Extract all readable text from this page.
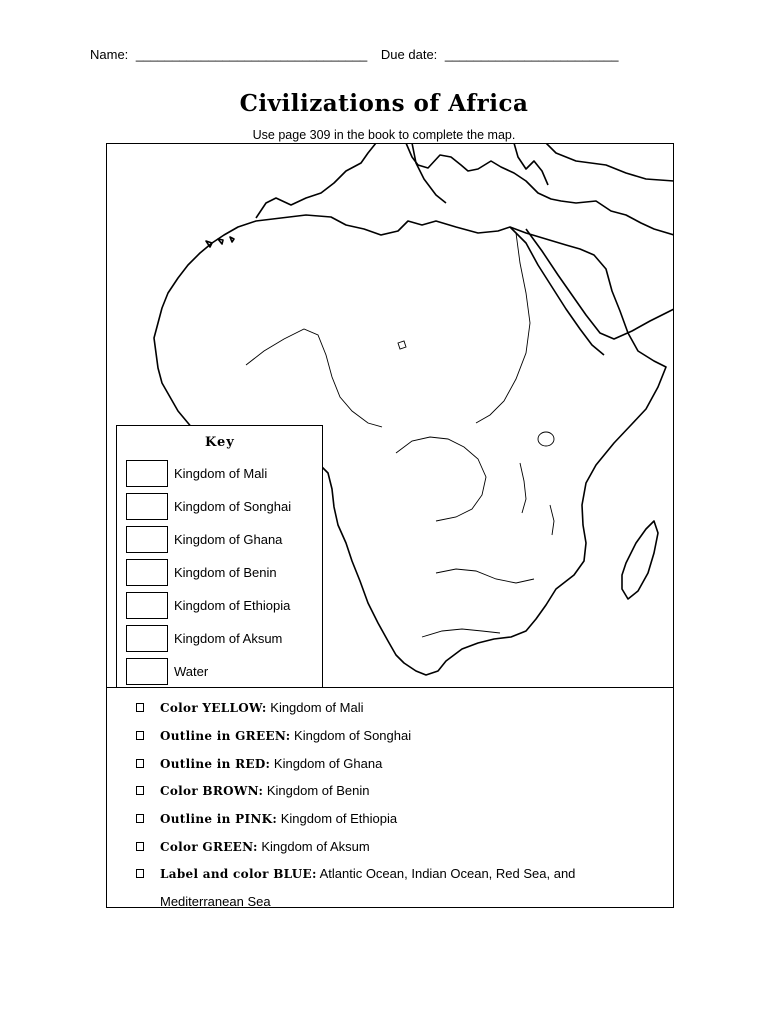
Name: ________________________________ Due date: ________________________
Civilizations of Africa
Use page 309 in the book to complete the map.
Key
Kingdom of Mali
Kingdom of Songhai
Kingdom of Ghana
Kingdom of Benin
Kingdom of Ethiopia
Kingdom of Aksum
Water
Color YELLOW: Kingdom of Mali
Outline in GREEN: Kingdom of Songhai
Outline in RED: Kingdom of Ghana
Color BROWN: Kingdom of Benin
Outline in PINK: Kingdom of Ethiopia
Color GREEN: Kingdom of Aksum
Label and color BLUE: Atlantic Ocean, Indian Ocean, Red Sea, and Mediterranean Sea
